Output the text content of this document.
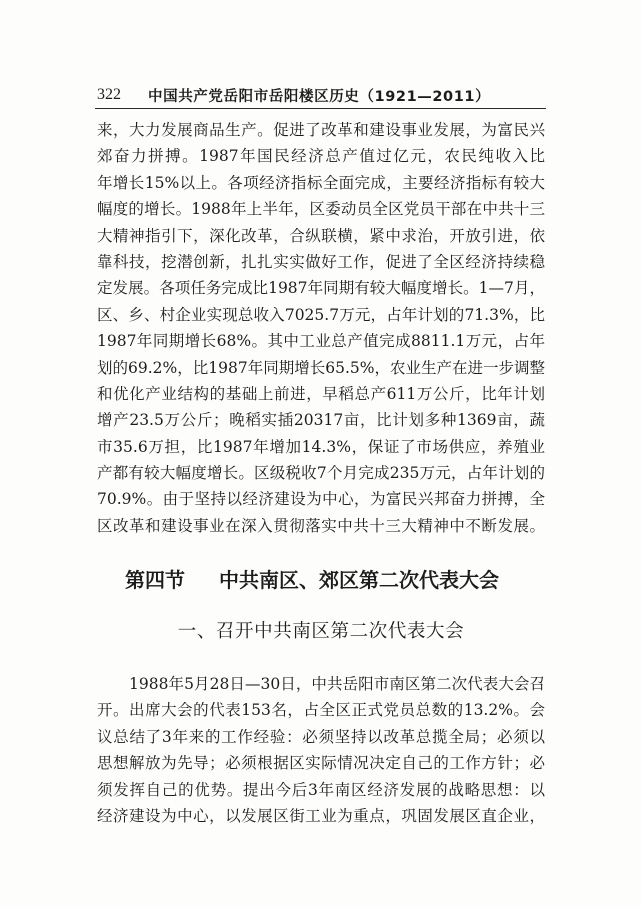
322	中国共产党岳阳市岳阳楼区历史（1921—2011）
来，大力发展商品生产。促进了改革和建设事业发展，为富民兴
郊奋力拼搏。1987年国民经济总产值过亿元，农民纯收入比
年增长15%以上。各项经济指标全面完成，主要经济指标有较大
幅度的增长。1988年上半年，区委动员全区党员干部在中共十三
大精神指引下，深化改革，合纵联横，紧中求治，开放引进，依
靠科技，挖潜创新，扎扎实实做好工作，促进了全区经济持续稳
定发展。各项任务完成比1987年同期有较大幅度增长。1—7月，
区、乡、村企业实现总收入7025.7万元，占年计划的71.3%，比
1987年同期增长68%。其中工业总产值完成8811.1万元，占年
划的69.2%，比1987年同期增长65.5%，农业生产在进一步调整
和优化产业结构的基础上前进，早稻总产611万公斤，比年计划
增产23.5万公斤；晚稻实插20317亩，比计划多种1369亩，蔬
市35.6万担，比1987年增加14.3%，保证了市场供应，养殖业
产都有较大幅度增长。区级税收7个月完成235万元，占年计划的
70.9%。由于坚持以经济建设为中心，为富民兴邦奋力拼搏，全
区改革和建设事业在深入贯彻落实中共十三大精神中不断发展。
第四节 中共南区、郊区第二次代表大会
一、召开中共南区第二次代表大会
1988年5月28日—30日，中共岳阳市南区第二次代表大会召
开。出席大会的代表153名，占全区正式党员总数的13.2%。会
议总结了3年来的工作经验：必须坚持以改革总揽全局；必须以
思想解放为先导；必须根据区实际情况决定自己的工作方针；必
须发挥自己的优势。提出今后3年南区经济发展的战略思想：以
经济建设为中心，以发展区街工业为重点，巩固发展区直企业，
